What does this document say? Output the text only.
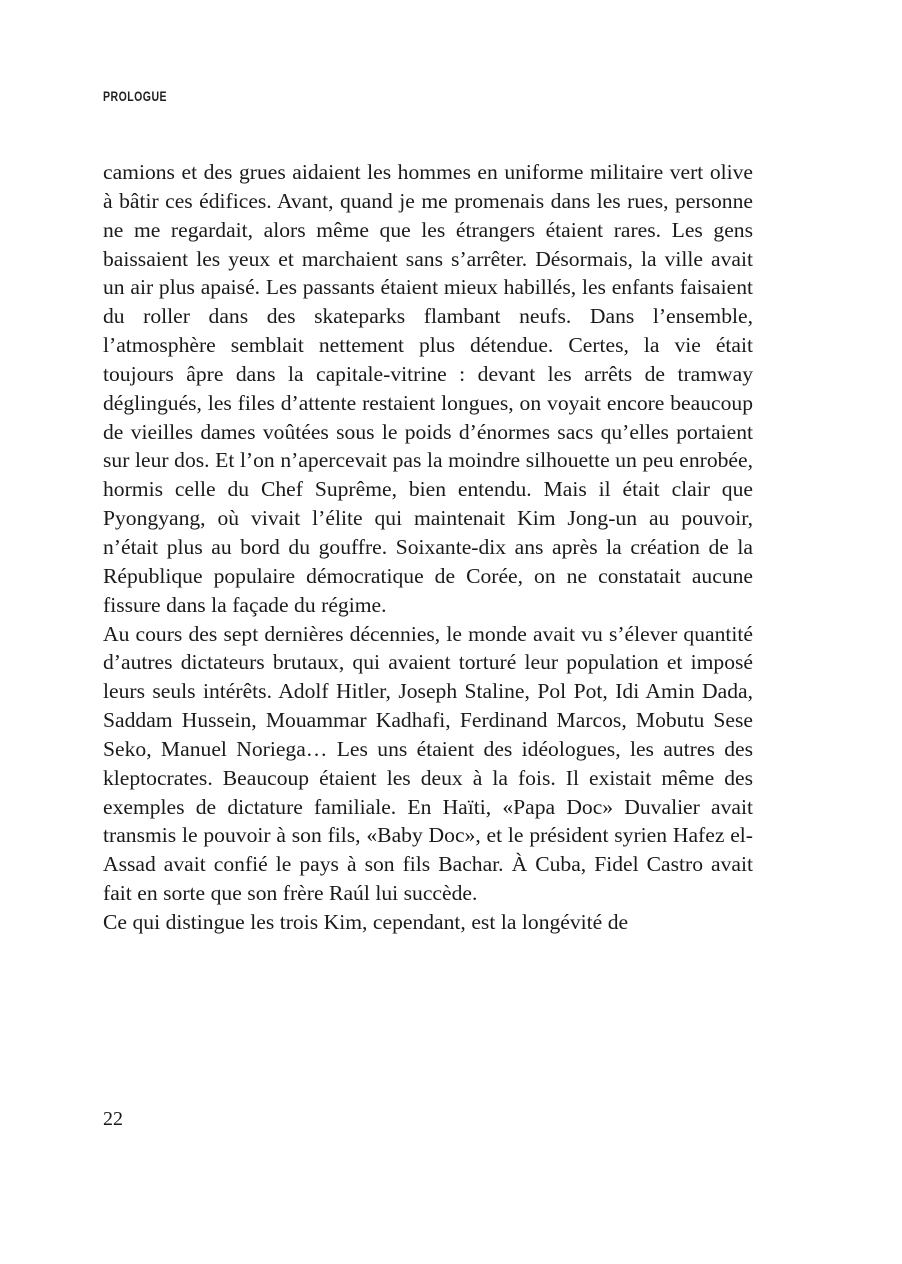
PROLOGUE

camions et des grues aidaient les hommes en uniforme militaire vert olive à bâtir ces édifices. Avant, quand je me promenais dans les rues, personne ne me regardait, alors même que les étrangers étaient rares. Les gens baissaient les yeux et marchaient sans s’arrêter. Désormais, la ville avait un air plus apaisé. Les passants étaient mieux habillés, les enfants faisaient du roller dans des skateparks flambant neufs. Dans l’ensemble, l’atmosphère semblait nettement plus détendue. Certes, la vie était toujours âpre dans la capitale-vitrine : devant les arrêts de tramway déglingués, les files d’attente restaient longues, on voyait encore beaucoup de vieilles dames voûtées sous le poids d’énormes sacs qu’elles portaient sur leur dos. Et l’on n’apercevait pas la moindre silhouette un peu enrobée, hormis celle du Chef Suprême, bien entendu. Mais il était clair que Pyongyang, où vivait l’élite qui maintenait Kim Jong-un au pouvoir, n’était plus au bord du gouffre. Soixante-dix ans après la création de la République populaire démocratique de Corée, on ne constatait aucune fissure dans la façade du régime.

Au cours des sept dernières décennies, le monde avait vu s’élever quantité d’autres dictateurs brutaux, qui avaient torturé leur population et imposé leurs seuls intérêts. Adolf Hitler, Joseph Staline, Pol Pot, Idi Amin Dada, Saddam Hussein, Mouammar Kadhafi, Ferdinand Marcos, Mobutu Sese Seko, Manuel Noriega… Les uns étaient des idéologues, les autres des kleptocrates. Beaucoup étaient les deux à la fois. Il existait même des exemples de dictature familiale. En Haïti, «Papa Doc» Duvalier avait transmis le pouvoir à son fils, «Baby Doc», et le président syrien Hafez el-Assad avait confié le pays à son fils Bachar. À Cuba, Fidel Castro avait fait en sorte que son frère Raúl lui succède.

Ce qui distingue les trois Kim, cependant, est la longévité de

22
